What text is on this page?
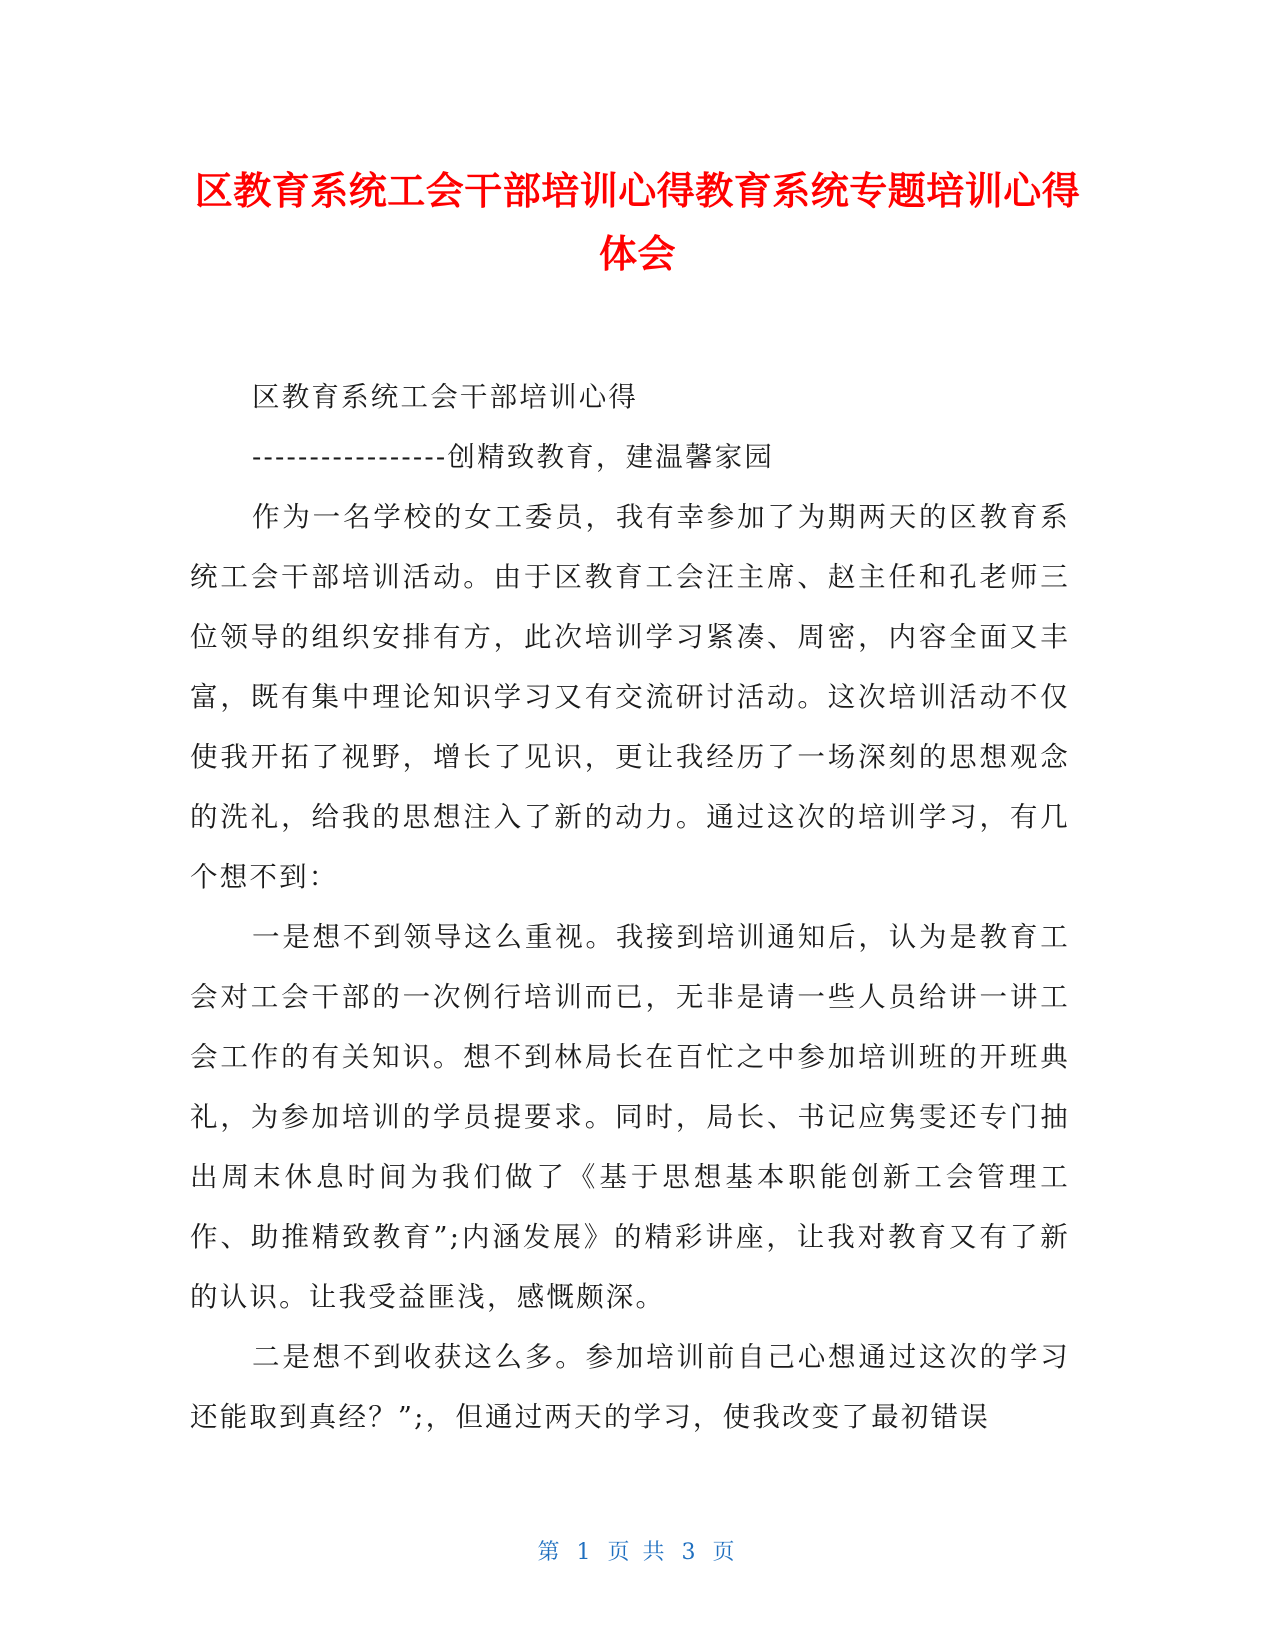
区教育系统工会干部培训心得教育系统专题培训心得体会
区教育系统工会干部培训心得
-----------------创精致教育，建温馨家园
作为一名学校的女工委员，我有幸参加了为期两天的区教育系统工会干部培训活动。由于区教育工会汪主席、赵主任和孔老师三位领导的组织安排有方，此次培训学习紧凑、周密，内容全面又丰富，既有集中理论知识学习又有交流研讨活动。这次培训活动不仅使我开拓了视野，增长了见识，更让我经历了一场深刻的思想观念的洗礼，给我的思想注入了新的动力。通过这次的培训学习，有几个想不到：
一是想不到领导这么重视。我接到培训通知后，认为是教育工会对工会干部的一次例行培训而已，无非是请一些人员给讲一讲工会工作的有关知识。想不到林局长在百忙之中参加培训班的开班典礼，为参加培训的学员提要求。同时，局长、书记应隽雯还专门抽出周末休息时间为我们做了《基于思想基本职能创新工会管理工作、助推精致教育”;内涵发展》的精彩讲座，让我对教育又有了新的认识。让我受益匪浅，感慨颇深。
二是想不到收获这么多。参加培训前自己心想通过这次的学习还能取到真经？”;，但通过两天的学习，使我改变了最初错误
第 1 页 共 3 页
